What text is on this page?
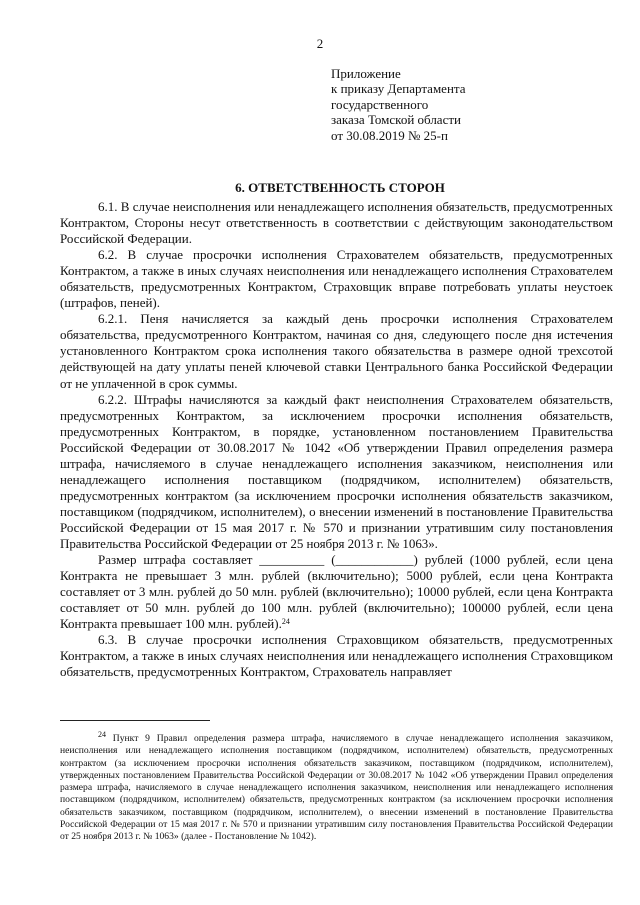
2
Приложение
к приказу Департамента
государственного
заказа Томской области
от 30.08.2019 № 25-п
6. ОТВЕТСТВЕННОСТЬ СТОРОН

6.1. В случае неисполнения или ненадлежащего исполнения обязательств, предусмотренных Контрактом, Стороны несут ответственность в соответствии с действующим законодательством Российской Федерации.

6.2. В случае просрочки исполнения Страхователем обязательств, предусмотренных Контрактом, а также в иных случаях неисполнения или ненадлежащего исполнения Страхователем обязательств, предусмотренных Контрактом, Страховщик вправе потребовать уплаты неустоек (штрафов, пеней).

6.2.1. Пеня начисляется за каждый день просрочки исполнения Страхователем обязательства, предусмотренного Контрактом, начиная со дня, следующего после дня истечения установленного Контрактом срока исполнения такого обязательства в размере одной трехсотой действующей на дату уплаты пеней ключевой ставки Центрального банка Российской Федерации от не уплаченной в срок суммы.

6.2.2. Штрафы начисляются за каждый факт неисполнения Страхователем обязательств, предусмотренных Контрактом, за исключением просрочки исполнения обязательств, предусмотренных Контрактом, в порядке, установленном постановлением Правительства Российской Федерации от 30.08.2017 № 1042 «Об утверждении Правил определения размера штрафа, начисляемого в случае ненадлежащего исполнения заказчиком, неисполнения или ненадлежащего исполнения поставщиком (подрядчиком, исполнителем) обязательств, предусмотренных контрактом (за исключением просрочки исполнения обязательств заказчиком, поставщиком (подрядчиком, исполнителем), о внесении изменений в постановление Правительства Российской Федерации от 15 мая 2017 г. № 570 и признании утратившим силу постановления Правительства Российской Федерации от 25 ноября 2013 г. № 1063».

Размер штрафа составляет __________ (____________) рублей (1000 рублей, если цена Контракта не превышает 3 млн. рублей (включительно); 5000 рублей, если цена Контракта составляет от 3 млн. рублей до 50 млн. рублей (включительно); 10000 рублей, если цена Контракта составляет от 50 млн. рублей до 100 млн. рублей (включительно); 100000 рублей, если цена Контракта превышает 100 млн. рублей).$^{24}$

6.3. В случае просрочки исполнения Страховщиком обязательств, предусмотренных Контрактом, а также в иных случаях неисполнения или ненадлежащего исполнения Страховщиком обязательств, предусмотренных Контрактом, Страхователь направляет

$^{24}$ Пункт 9 Правил определения размера штрафа, начисляемого в случае ненадлежащего исполнения заказчиком, неисполнения или ненадлежащего исполнения поставщиком (подрядчиком, исполнителем) обязательств, предусмотренных контрактом (за исключением просрочки исполнения обязательств заказчиком, поставщиком (подрядчиком, исполнителем), утвержденных постановлением Правительства Российской Федерации от 30.08.2017 № 1042 «Об утверждении Правил определения размера штрафа, начисляемого в случае ненадлежащего исполнения заказчиком, неисполнения или ненадлежащего исполнения поставщиком (подрядчиком, исполнителем) обязательств, предусмотренных контрактом (за исключением просрочки исполнения обязательств заказчиком, поставщиком (подрядчиком, исполнителем), о внесении изменений в постановление Правительства Российской Федерации от 15 мая 2017 г. № 570 и признании утратившим силу постановления Правительства Российской Федерации от 25 ноября 2013 г. № 1063» (далее - Постановление № 1042).
